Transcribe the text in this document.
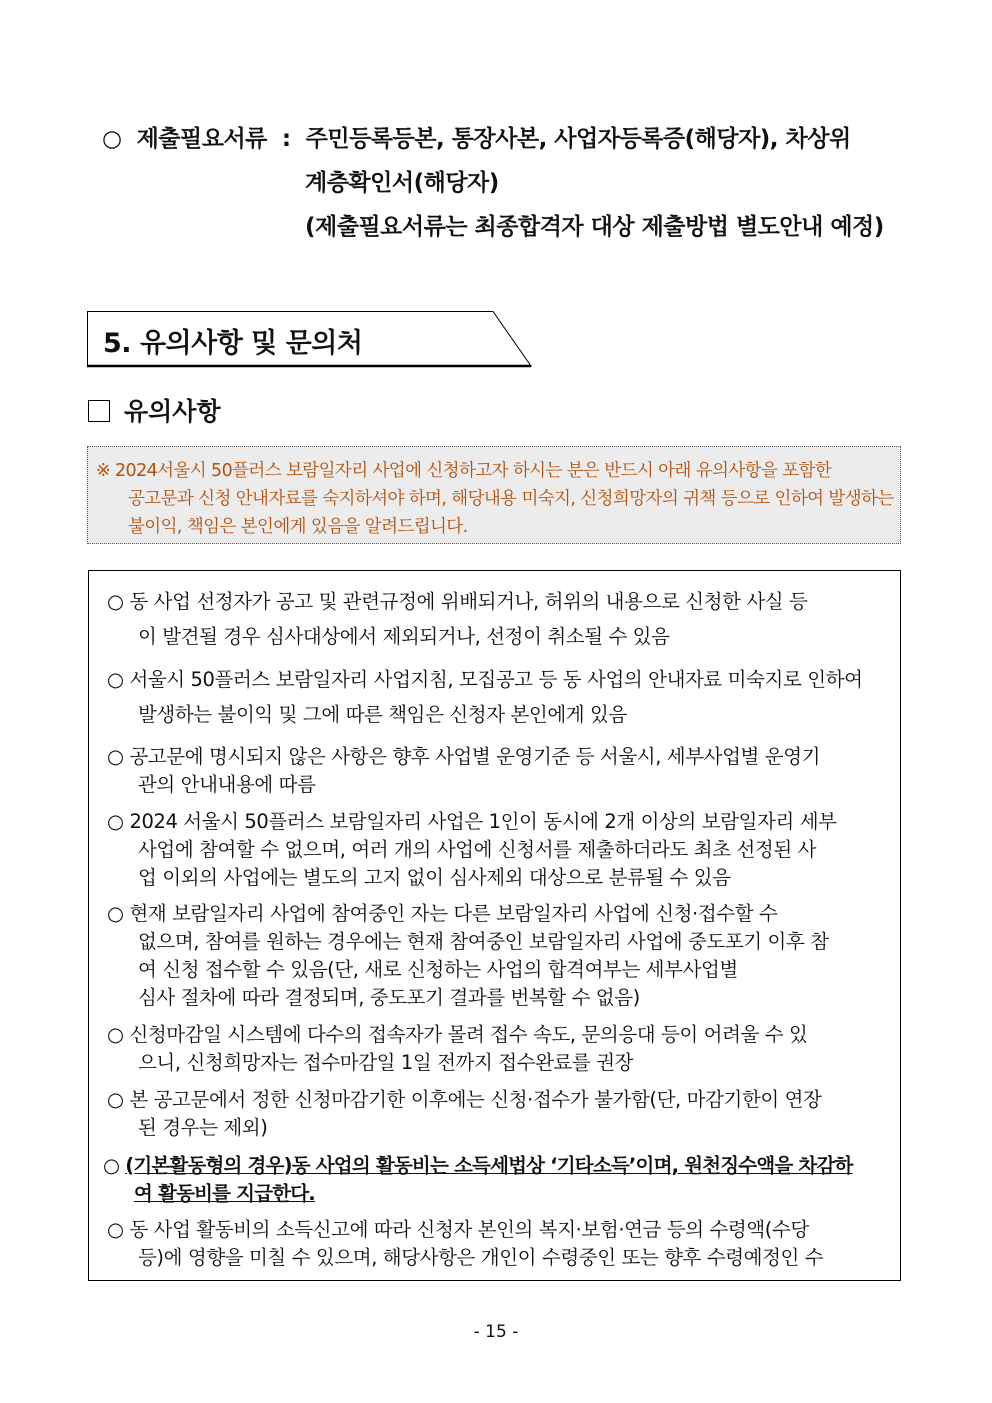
○ 제출필요서류 : 주민등록등본, 통장사본, 사업자등록증(해당자), 차상위
계층확인서(해당자)
(제출필요서류는 최종합격자 대상 제출방법 별도안내 예정)
5. 유의사항 및 문의처
유의사항
※ 2024서울시 50플러스 보람일자리 사업에 신청하고자 하시는 분은 반드시 아래 유의사항을 포함한
공고문과 신청 안내자료를 숙지하셔야 하며, 해당내용 미숙지, 신청희망자의 귀책 등으로 인하여 발생하는
불이익, 책임은 본인에게 있음을 알려드립니다.
○ 동 사업 선정자가 공고 및 관련규정에 위배되거나, 허위의 내용으로 신청한 사실 등
이 발견될 경우 심사대상에서 제외되거나, 선정이 취소될 수 있음
○ 서울시 50플러스 보람일자리 사업지침, 모집공고 등 동 사업의 안내자료 미숙지로 인하여
발생하는 불이익 및 그에 따른 책임은 신청자 본인에게 있음
○ 공고문에 명시되지 않은 사항은 향후 사업별 운영기준 등 서울시, 세부사업별 운영기
관의 안내내용에 따름
○ 2024 서울시 50플러스 보람일자리 사업은 1인이 동시에 2개 이상의 보람일자리 세부
사업에 참여할 수 없으며, 여러 개의 사업에 신청서를 제출하더라도 최초 선정된 사
업 이외의 사업에는 별도의 고지 없이 심사제외 대상으로 분류될 수 있음
○ 현재 보람일자리 사업에 참여중인 자는 다른 보람일자리 사업에 신청·접수할 수
없으며, 참여를 원하는 경우에는 현재 참여중인 보람일자리 사업에 중도포기 이후 참
여 신청 접수할 수 있음(단, 새로 신청하는 사업의 합격여부는 세부사업별
심사 절차에 따라 결정되며, 중도포기 결과를 번복할 수 없음)
○ 신청마감일 시스템에 다수의 접속자가 몰려 접수 속도, 문의응대 등이 어려울 수 있
으니, 신청희망자는 접수마감일 1일 전까지 접수완료를 권장
○ 본 공고문에서 정한 신청마감기한 이후에는 신청·접수가 불가함(단, 마감기한이 연장
된 경우는 제외)
○ (기본활동형의 경우)동 사업의 활동비는 소득세법상 ‘기타소득’이며, 원천징수액을 차감하
여 활동비를 지급한다.
○ 동 사업 활동비의 소득신고에 따라 신청자 본인의 복지·보험·연금 등의 수령액(수당
등)에 영향을 미칠 수 있으며, 해당사항은 개인이 수령중인 또는 향후 수령예정인 수
- 15 -
